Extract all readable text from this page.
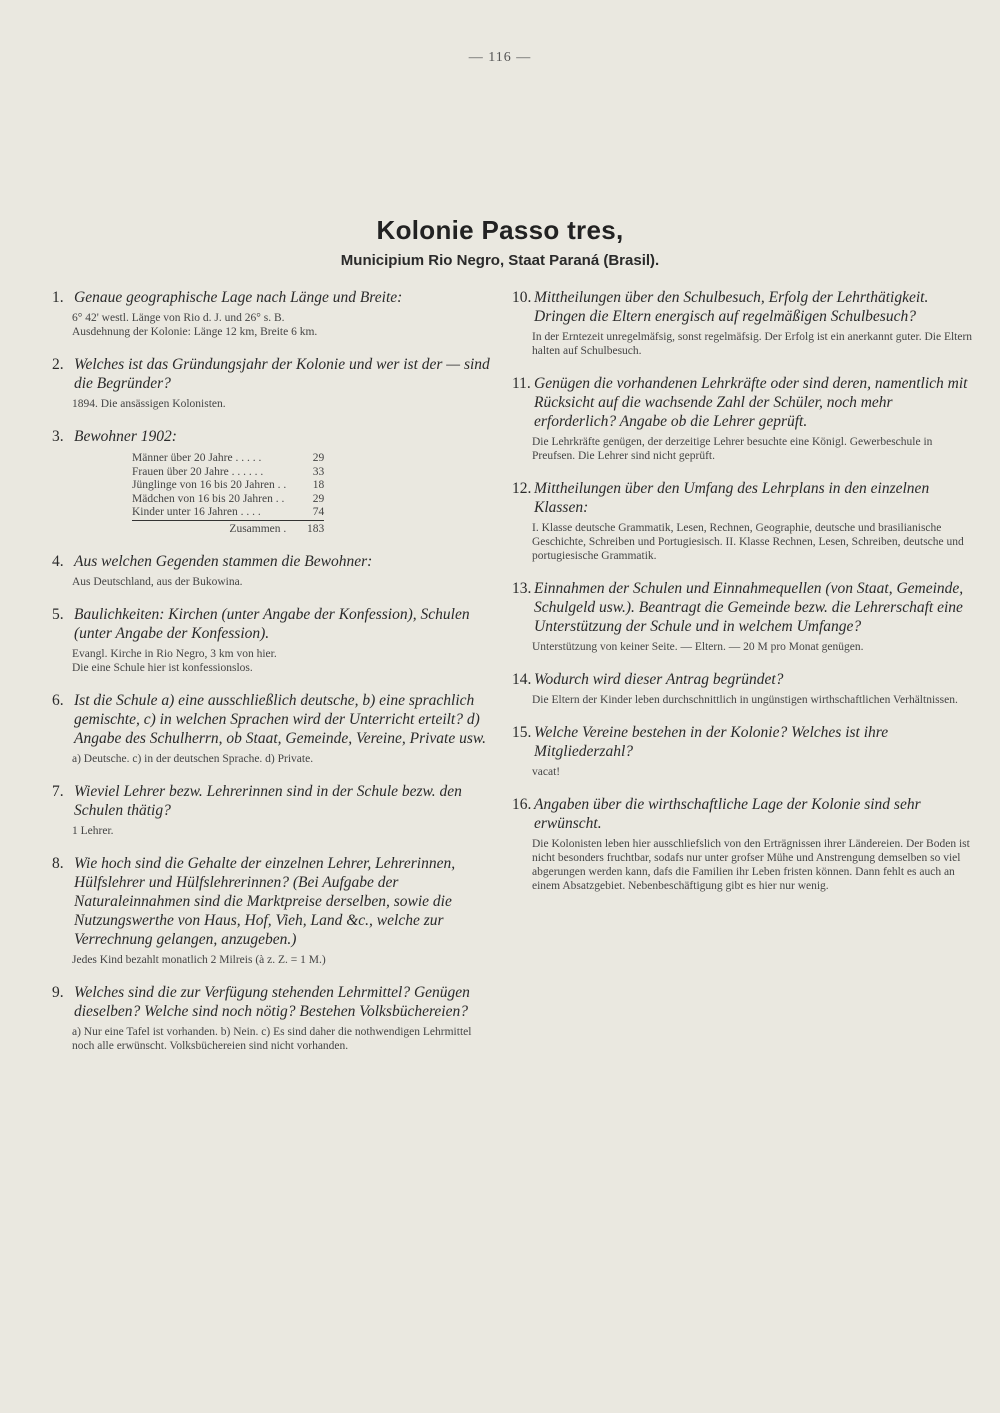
— 116 —
Kolonie Passo tres,
Municipium Rio Negro, Staat Paraná (Brasil).
1. Genaue geographische Lage nach Länge und Breite:
6° 42' westl. Länge von Rio d. J. und 26° s. B.
Ausdehnung der Kolonie: Länge 12 km, Breite 6 km.
2. Welches ist das Gründungsjahr der Kolonie und wer ist der — sind die Begründer?
1894. Die ansässigen Kolonisten.
3. Bewohner 1902:
Männer über 20 Jahre . . . . .	29
Frauen über 20 Jahre . . . . . .	33
Jünglinge von 16 bis 20 Jahren . .	18
Mädchen von 16 bis 20 Jahren . .	29
Kinder unter 16 Jahren . . . .	74
Zusammen .	183
4. Aus welchen Gegenden stammen die Bewohner:
Aus Deutschland, aus der Bukowina.
5. Baulichkeiten: Kirchen (unter Angabe der Konfession), Schulen (unter Angabe der Konfession).
Evangl. Kirche in Rio Negro, 3 km von hier.
Die eine Schule hier ist konfessionslos.
6. Ist die Schule a) eine ausschließlich deutsche, b) eine sprachlich gemischte, c) in welchen Sprachen wird der Unterricht erteilt? d) Angabe des Schulherrn, ob Staat, Gemeinde, Vereine, Private usw.
a) Deutsche. c) in der deutschen Sprache. d) Private.
7. Wieviel Lehrer bezw. Lehrerinnen sind in der Schule bezw. den Schulen thätig?
1 Lehrer.
8. Wie hoch sind die Gehalte der einzelnen Lehrer, Lehrerinnen, Hülfslehrer und Hülfslehrerinnen? (Bei Aufgabe der Naturaleinnahmen sind die Marktpreise derselben, sowie die Nutzungswerthe von Haus, Hof, Vieh, Land &c., welche zur Verrechnung gelangen, anzugeben.)
Jedes Kind bezahlt monatlich 2 Milreis (à z. Z. = 1 M.)
9. Welches sind die zur Verfügung stehenden Lehrmittel? Genügen dieselben? Welche sind noch nötig? Bestehen Volksbüchereien?
a) Nur eine Tafel ist vorhanden. b) Nein. c) Es sind daher die nothwendigen Lehrmittel noch alle erwünscht. Volksbüchereien sind nicht vorhanden.
10. Mittheilungen über den Schulbesuch, Erfolg der Lehrthätigkeit. Dringen die Eltern energisch auf regelmäßigen Schulbesuch?
In der Erntezeit unregelmäfsig, sonst regelmäfsig. Der Erfolg ist ein anerkannt guter. Die Eltern halten auf Schulbesuch.
11. Genügen die vorhandenen Lehrkräfte oder sind deren, namentlich mit Rücksicht auf die wachsende Zahl der Schüler, noch mehr erforderlich? Angabe ob die Lehrer geprüft.
Die Lehrkräfte genügen, der derzeitige Lehrer besuchte eine Königl. Gewerbeschule in Preufsen. Die Lehrer sind nicht geprüft.
12. Mittheilungen über den Umfang des Lehrplans in den einzelnen Klassen:
I. Klasse deutsche Grammatik, Lesen, Rechnen, Geographie, deutsche und brasilianische Geschichte, Schreiben und Portugiesisch. II. Klasse Rechnen, Lesen, Schreiben, deutsche und portugiesische Grammatik.
13. Einnahmen der Schulen und Einnahmequellen (von Staat, Gemeinde, Schulgeld usw.). Beantragt die Gemeinde bezw. die Lehrerschaft eine Unterstützung der Schule und in welchem Umfange?
Unterstützung von keiner Seite. — Eltern. — 20 M pro Monat genügen.
14. Wodurch wird dieser Antrag begründet?
Die Eltern der Kinder leben durchschnittlich in ungünstigen wirthschaftlichen Verhältnissen.
15. Welche Vereine bestehen in der Kolonie? Welches ist ihre Mitgliederzahl?
vacat!
16. Angaben über die wirthschaftliche Lage der Kolonie sind sehr erwünscht.
Die Kolonisten leben hier ausschliefslich von den Erträgnissen ihrer Ländereien. Der Boden ist nicht besonders fruchtbar, sodafs nur unter grofser Mühe und Anstrengung demselben so viel abgerungen werden kann, dafs die Familien ihr Leben fristen können. Dann fehlt es auch an einem Absatzgebiet. Nebenbeschäftigung gibt es hier nur wenig.
